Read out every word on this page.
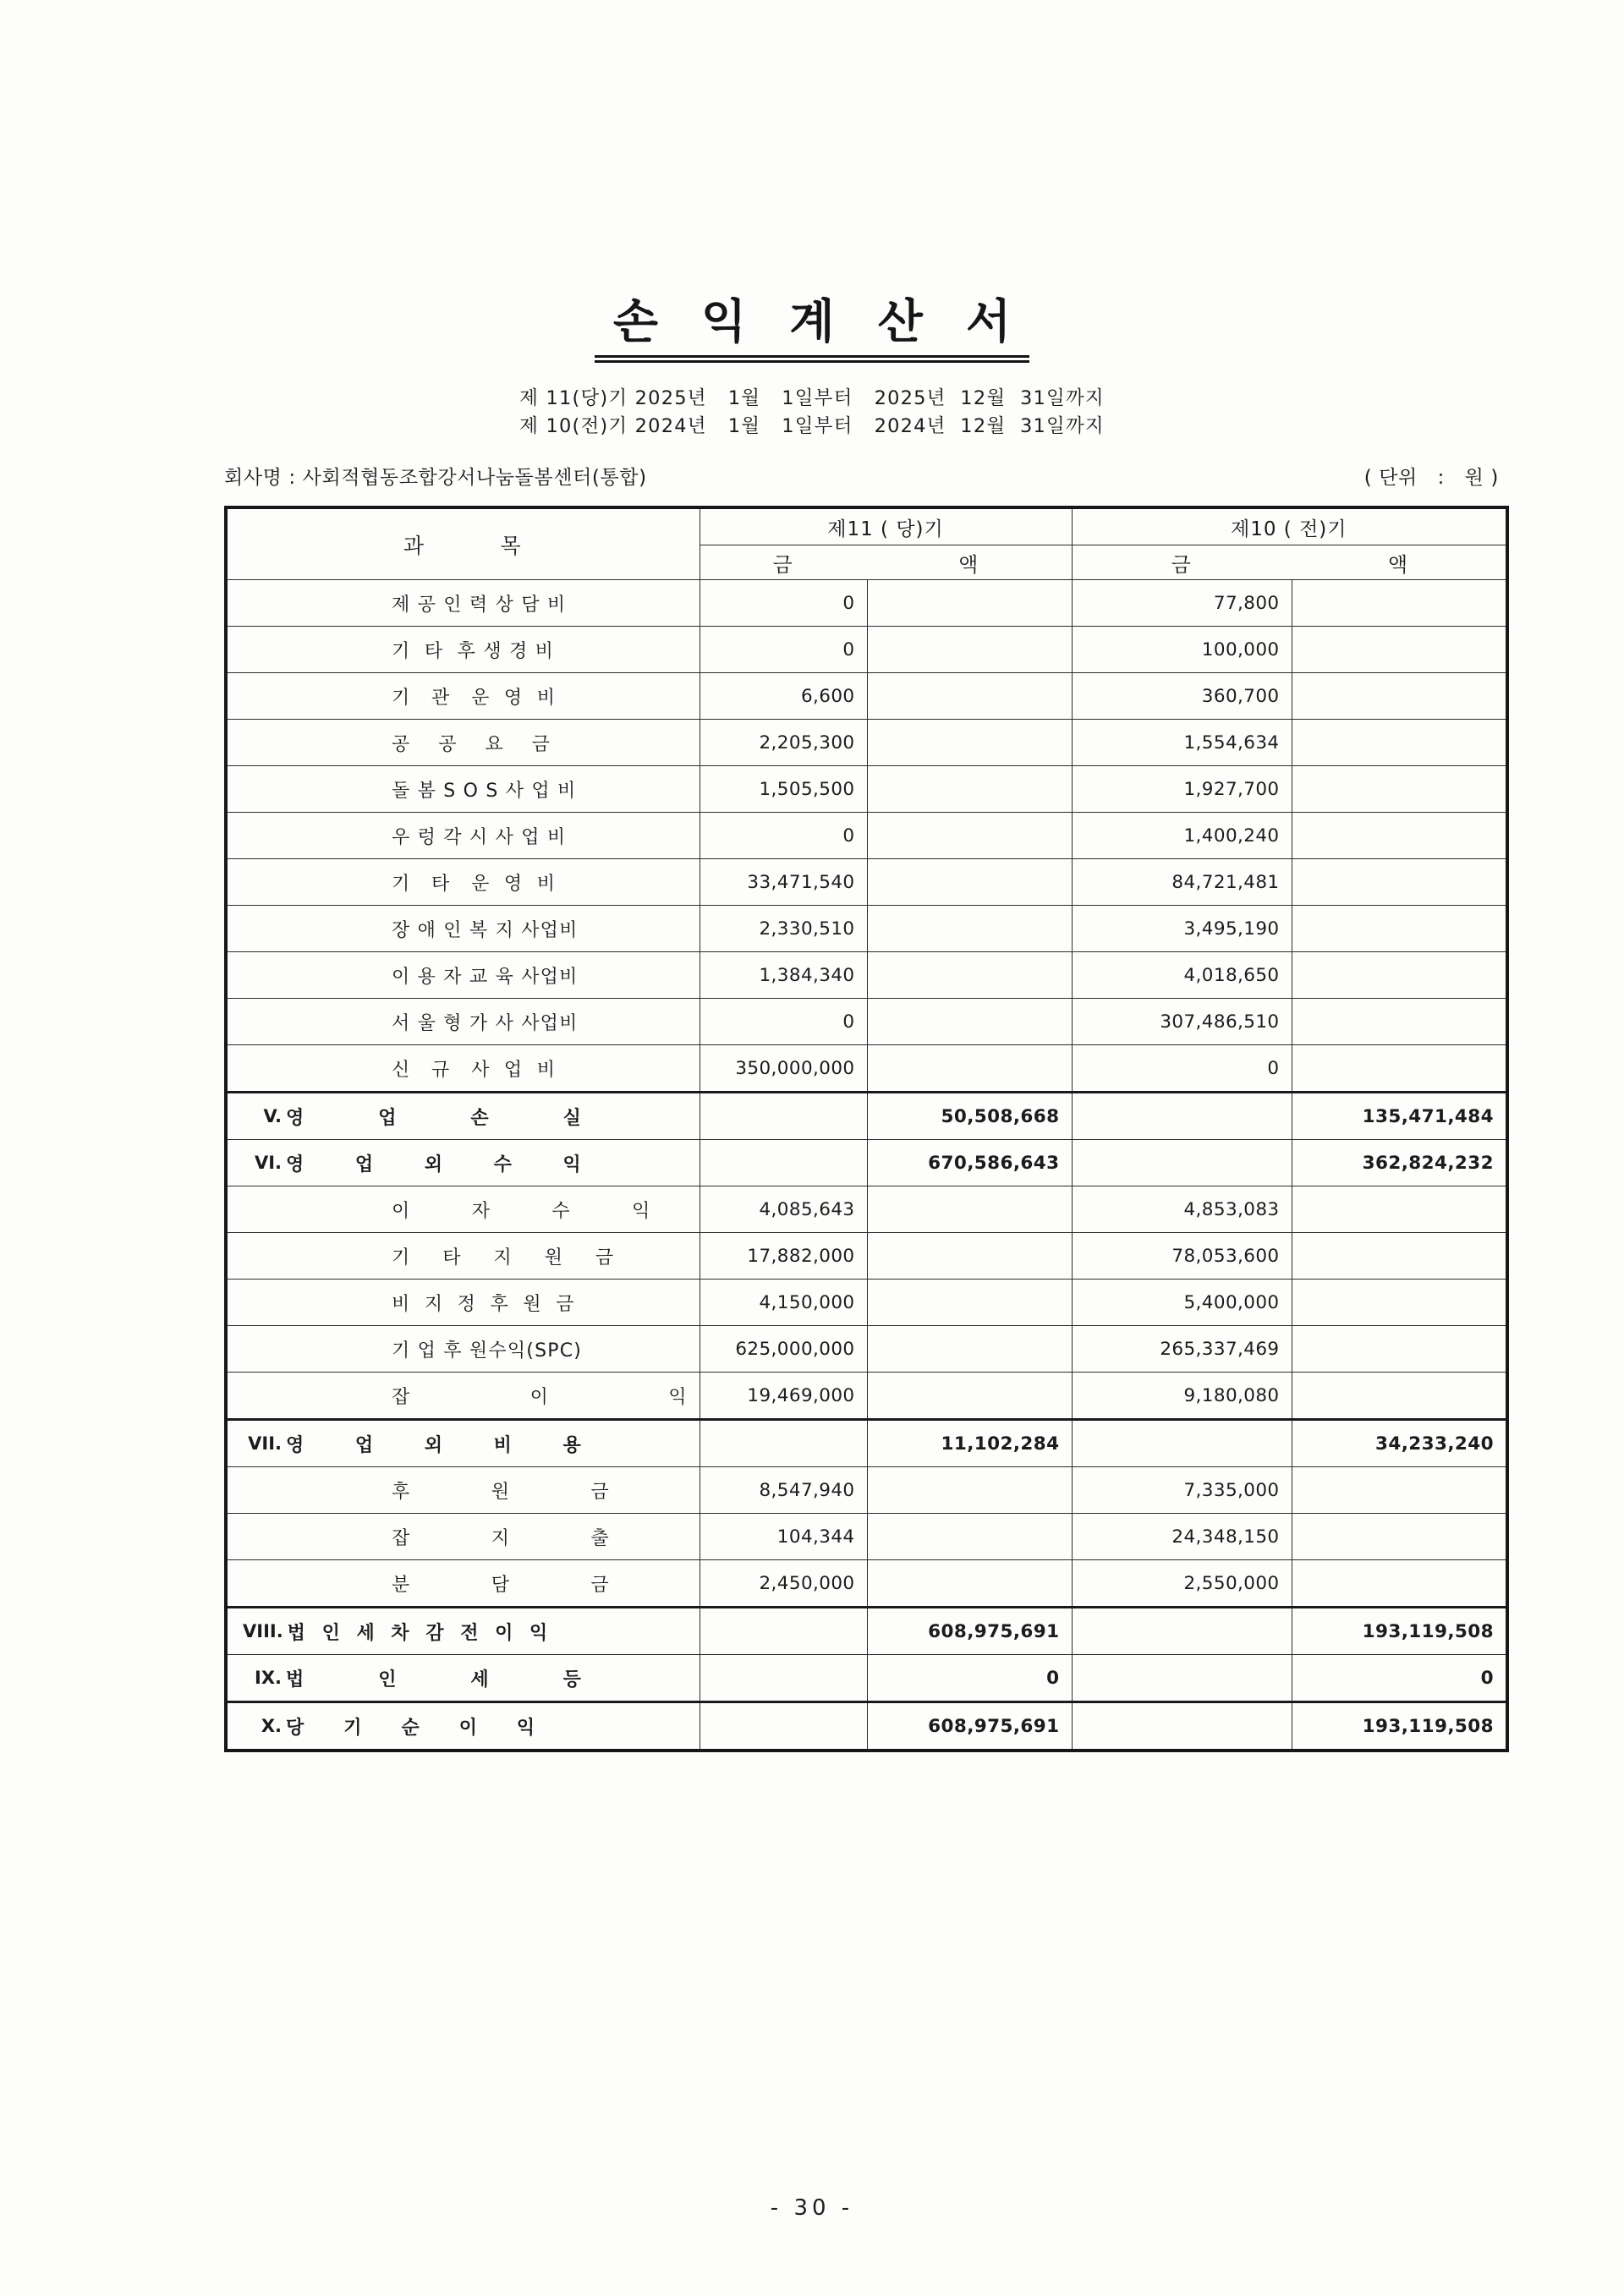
손 익 계 산 서
제 11(당)기 2025년   1월   1일부터   2025년  12월  31일까지
제 10(전)기 2024년   1월   1일부터   2024년  12월  31일까지
회사명 : 사회적협동조합강서나눔돌봄센터(통합)	( 단위   :   원 )
과        목	제11 ( 당)기		제10 ( 전)기	
	금	액	금	액

제 공 인 력 상 담 비	0		77,800	

기  타  후 생 경 비	0		100,000	

기   관   운  영  비	6,600		360,700	

공    공    요    금	2,205,300		1,554,634	

돌 봄 S O S 사 업 비	1,505,500		1,927,700	

우 렁 각 시 사 업 비	0		1,400,240	

기   타   운  영  비	33,471,540		84,721,481	

장 애 인 복 지 사업비	2,330,510		3,495,190	

이 용 자 교 육 사업비	1,384,340		4,018,650	

서 울 형 가 사 사업비	0		307,486,510	

신   규   사  업  비	350,000,000		0	

V. 영      업      손      실		50,508,668		135,471,484

VI. 영    업    외    수    익		670,586,643		362,824,232

이      자      수      익	4,085,643		4,853,083	

기   타   지   원   금	17,882,000		78,053,600	

비  지  정  후  원  금	4,150,000		5,400,000	

기 업 후 원수익(SPC)	625,000,000		265,337,469	

잡            이            익	19,469,000		9,180,080	

VII. 영    업    외    비    용		11,102,284		34,233,240

후        원        금	8,547,940		7,335,000	

잡        지        출	104,344		24,348,150	

분        담        금	2,450,000		2,550,000	

VIII. 법 인 세 차 감 전 이 익		608,975,691		193,119,508

IX. 법      인      세      등		0		0

X. 당   기   순   이   익		608,975,691		193,119,508
- 30 -
